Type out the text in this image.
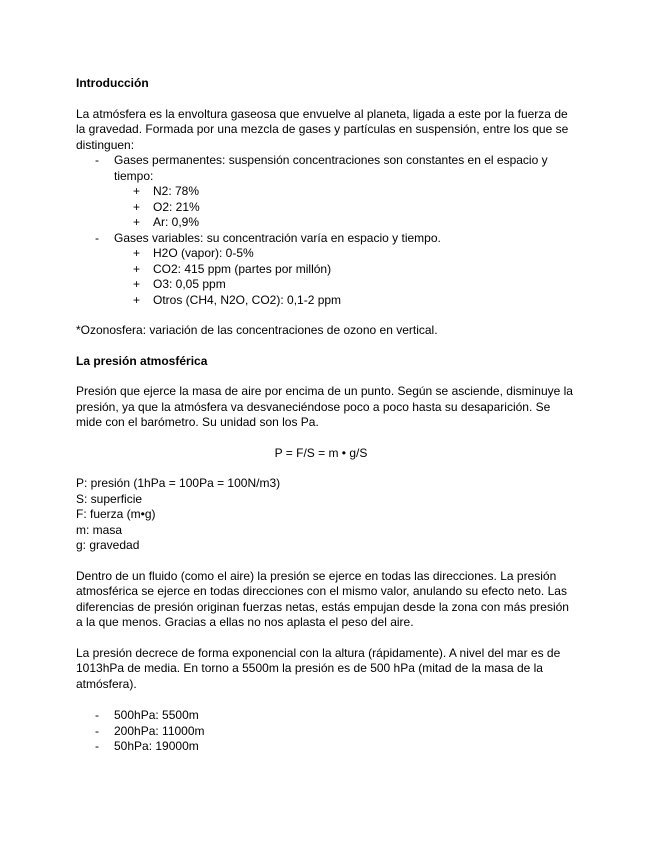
Introducción

La atmósfera es la envoltura gaseosa que envuelve al planeta, ligada a este por la fuerza de la gravedad. Formada por una mezcla de gases y partículas en suspensión, entre los que se distinguen:

- Gases permanentes: suspensión concentraciones son constantes en el espacio y tiempo:
+ N2: 78%
+ O2: 21%
+ Ar: 0,9%
- Gases variables: su concentración varía en espacio y tiempo.
+ H2O (vapor): 0-5%
+ CO2: 415 ppm (partes por millón)
+ O3: 0,05 ppm
+ Otros (CH4, N2O, CO2): 0,1-2 ppm

*Ozonosfera: variación de las concentraciones de ozono en vertical.

La presión atmosférica

Presión que ejerce la masa de aire por encima de un punto. Según se asciende, disminuye la presión, ya que la atmósfera va desvaneciéndose poco a poco hasta su desaparición. Se mide con el barómetro. Su unidad son los Pa.

P = F/S = m • g/S

P: presión (1hPa = 100Pa = 100N/m3)

S: superficie

F: fuerza (m•g)

m: masa

g: gravedad

Dentro de un fluido (como el aire) la presión se ejerce en todas las direcciones. La presión atmosférica se ejerce en todas direcciones con el mismo valor, anulando su efecto neto. Las diferencias de presión originan fuerzas netas, estás empujan desde la zona con más presión a la que menos. Gracias a ellas no nos aplasta el peso del aire.

La presión decrece de forma exponencial con la altura (rápidamente). A nivel del mar es de 1013hPa de media. En torno a 5500m la presión es de 500 hPa (mitad de la masa de la atmósfera).

- 500hPa: 5500m
- 200hPa: 11000m
- 50hPa: 19000m
